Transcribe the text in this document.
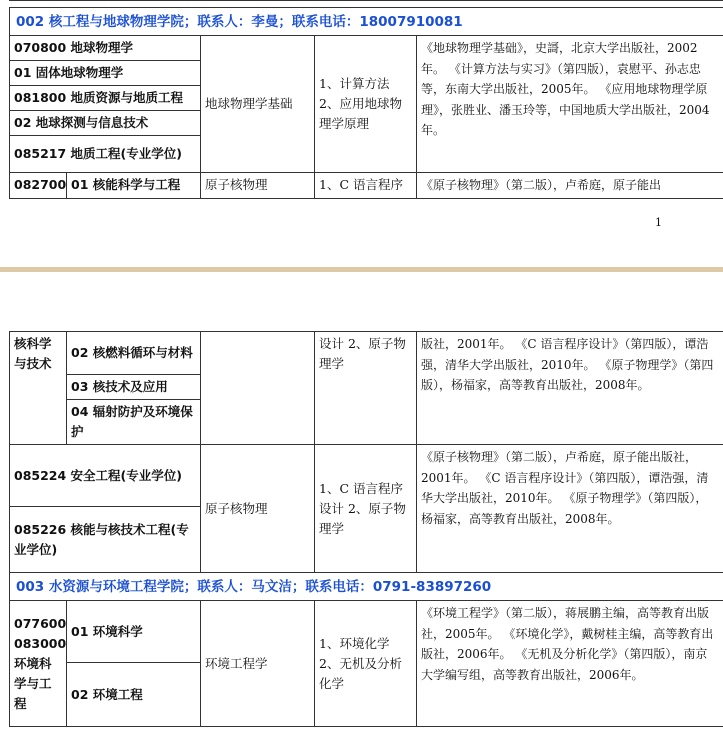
002 核工程与地球物理学院；联系人：李曼；联系电话：18007910081				
070800 地球物理学		地球物理学基础	1、计算方法 2、应用地球物理学原理	《地球物理学基础》，史謌，北京大学出版社，2002年。 《计算方法与实习》（第四版），袁慰平、孙志忠等，东南大学出版社，2005年。 《应用地球物理学原理》，张胜业、潘玉玲等，中国地质大学出版社，2004年。
01 固体地球物理学				
081800 地质资源与地质工程				
02 地球探测与信息技术				
085217 地质工程(专业学位)				
082700	01 核能科学与工程	原子核物理	1、C 语言程序	《原子核物理》（第二版），卢希庭，原子能出
1
核科学与技术	02 核燃料循环与材料		设计 2、原子物理学	版社，2001年。 《C 语言程序设计》（第四版），谭浩强，清华大学出版社，2010年。 《原子物理学》（第四版），杨福家，高等教育出版社，2008年。
	03 核技术及应用			
	04 辐射防护及环境保护			
085224 安全工程(专业学位)		原子核物理	1、C 语言程序设计 2、原子物理学	《原子核物理》（第二版），卢希庭，原子能出版社，2001年。 《C 语言程序设计》（第四版），谭浩强，清华大学出版社，2010年。 《原子物理学》（第四版），杨福家，高等教育出版社，2008年。
085226 核能与核技术工程(专业学位)				
003 水资源与环境工程学院；联系人：马文洁；联系电话：0791-83897260				
077600 083000 环境科学与工程	01 环境科学	环境工程学	1、环境化学 2、无机及分析化学	《环境工程学》（第二版），蒋展鹏主编，高等教育出版社，2005年。 《环境化学》，戴树桂主编，高等教育出版社，2006年。 《无机及分析化学》（第四版），南京大学编写组，高等教育出版社，2006年。
	02 环境工程			
